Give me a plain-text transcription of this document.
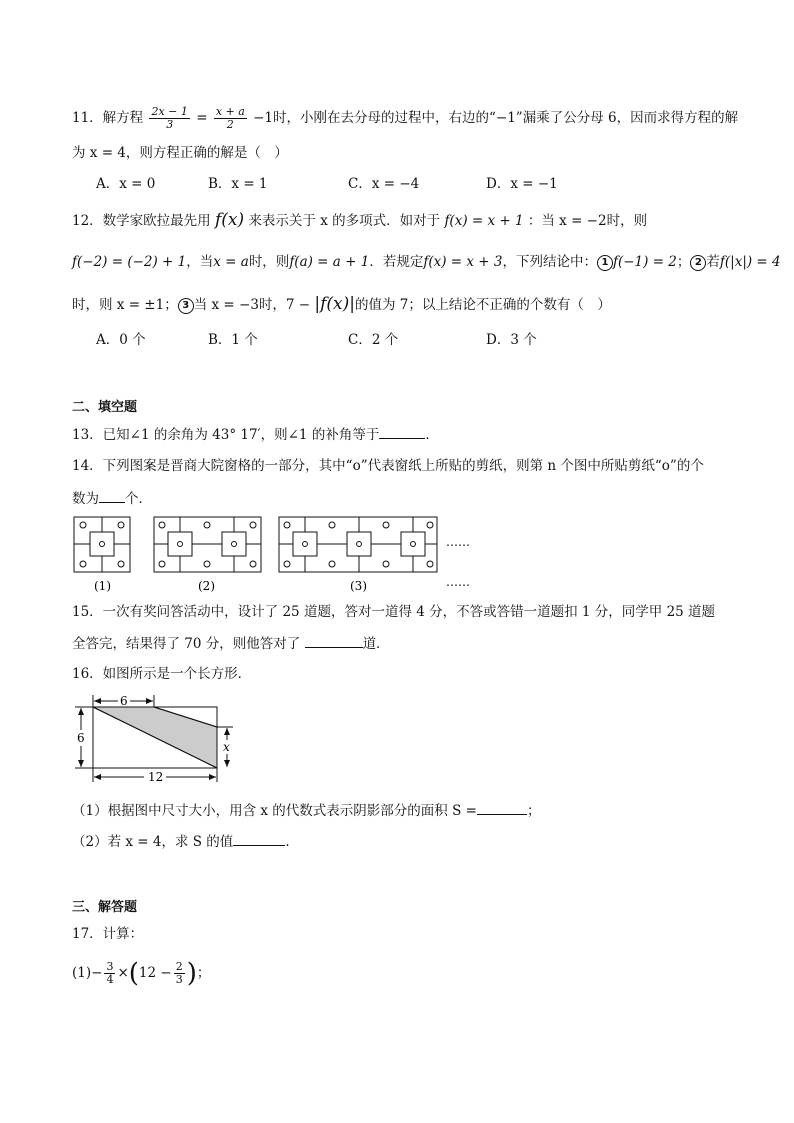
11．解方程 $\frac{2x - 1}{3} = \frac{x + a}{2} -1$时，小刚在去分母的过程中，右边的“−1”漏乘了公分母 6，因而求得方程的解
为 x = 4，则方程正确的解是（　）
A．x = 0	B．x = 1	C．x = −4	D．x = −1
12．数学家欧拉最先用 f(x) 来表示关于 x 的多项式．如对于 f(x) = x + 1 ：当 x = −2时，则
f(−2) = (−2) + 1，当x = a时，则f(a) = a + 1．若规定f(x) = x + 3，下列结论中： 1 f(−1) = 2； 2 若f(|x|) = 4
时，则 x = ±1； 3 当 x = −3时，7 − |f(x)|的值为 7；以上结论不正确的个数有（　）
A．0 个	B．1 个	C．2 个	D．3 个
二、填空题
13．已知∠1 的余角为 43° 17′，则∠1 的补角等于	．
14．下列图案是晋商大院窗格的一部分，其中“o”代表窗纸上所贴的剪纸，则第 n 个图中所贴剪纸“o”的个
数为 个．
……
(1)	(2)	(3)	……
15．一次有奖问答活动中，设计了 25 道题，答对一道得 4 分，不答或答错一道题扣 1 分，同学甲 25 道题
全答完，结果得了 70 分，则他答对了	道．
16．如图所示是一个长方形．
6
6
12
x
（1）根据图中尺寸大小，用含 x 的代数式表示阴影部分的面积 S =	；
（2）若 x = 4，求 S 的值	．
三、解答题
17．计算：
$(1)- \frac{3}{4} \times(12 - \frac{2}{3}$ )；
